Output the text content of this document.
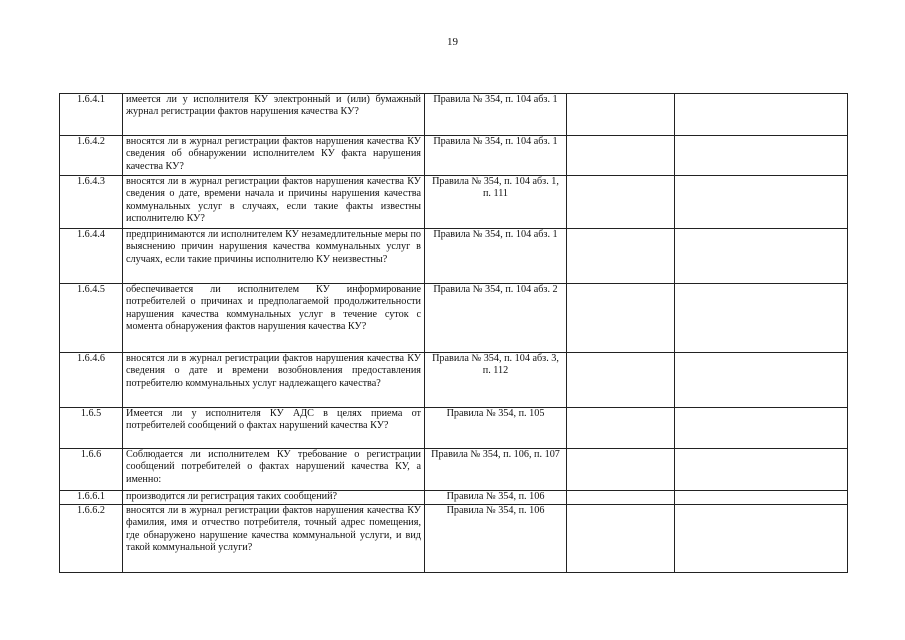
19
1.6.4.1	имеется ли у исполнителя КУ электронный и (или) бумажный журнал регистрации фактов нарушения качества КУ?	Правила № 354, п. 104 абз. 1		
1.6.4.2	вносятся ли в журнал регистрации фактов нарушения качества КУ сведения об обнаружении исполнителем КУ факта нарушения качества КУ?	Правила № 354, п. 104 абз. 1		
1.6.4.3	вносятся ли в журнал регистрации фактов нарушения качества КУ сведения о дате, времени начала и причины нарушения качества коммунальных услуг в случаях, если такие факты известны исполнителю КУ?	Правила № 354, п. 104 абз. 1, п. 111		
1.6.4.4	предпринимаются ли исполнителем КУ незамедлительные меры по выяснению причин нарушения качества коммунальных услуг в случаях, если такие причины исполнителю КУ неизвестны?	Правила № 354, п. 104 абз. 1		
1.6.4.5	обеспечивается ли исполнителем КУ информирование потребителей о причинах и предполагаемой продолжительности нарушения качества коммунальных услуг в течение суток с момента обнаружения фактов нарушения качества КУ?	Правила № 354, п. 104 абз. 2		
1.6.4.6	вносятся ли в журнал регистрации фактов нарушения качества КУ сведения о дате и времени возобновления предоставления потребителю коммунальных услуг надлежащего качества?	Правила № 354, п. 104 абз. 3, п. 112		
1.6.5	Имеется ли у исполнителя КУ АДС в целях приема от потребителей сообщений о фактах нарушений качества КУ?	Правила № 354, п. 105		
1.6.6	Соблюдается ли исполнителем КУ требование о регистрации сообщений потребителей о фактах нарушений качества КУ, а именно:	Правила № 354, п. 106, п. 107		
1.6.6.1	производится ли регистрация таких сообщений?	Правила № 354, п. 106		
1.6.6.2	вносятся ли в журнал регистрации фактов нарушения качества КУ фамилия, имя и отчество потребителя, точный адрес помещения, где обнаружено нарушение качества коммунальной услуги, и вид такой коммунальной услуги?	Правила № 354, п. 106		
